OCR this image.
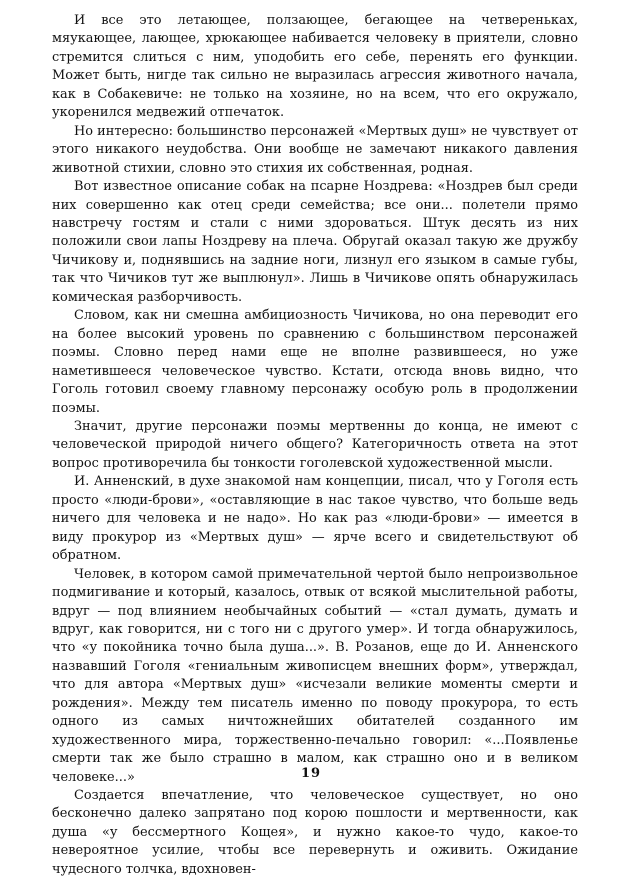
И все это летающее, ползающее, бегающее на четвереньках, мяукающее, лающее, хрюкающее набивается человеку в приятели, словно стремится слиться с ним, уподобить его себе, перенять его функции. Может быть, нигде так сильно не выразилась агрессия животного начала, как в Собакевиче: не только на хозяине, но на всем, что его окружало, укоренился медвежий отпечаток.

Но интересно: большинство персонажей «Мертвых душ» не чувствует от этого никакого неудобства. Они вообще не замечают никакого давления животной стихии, словно это стихия их собственная, родная.

Вот известное описание собак на псарне Ноздрева: «Ноздрев был среди них совершенно как отец среди семейства; все они... полетели прямо навстречу гостям и стали с ними здороваться. Штук десять из них положили свои лапы Ноздреву на плеча. Обругай оказал такую же дружбу Чичикову и, поднявшись на задние ноги, лизнул его языком в самые губы, так что Чичиков тут же выплюнул». Лишь в Чичикове опять обнаружилась комическая разборчивость.

Словом, как ни смешна амбициозность Чичикова, но она переводит его на более высокий уровень по сравнению с большинством персонажей поэмы. Словно перед нами еще не вполне развившееся, но уже наметившееся человеческое чувство. Кстати, отсюда вновь видно, что Гоголь готовил своему главному персонажу особую роль в продолжении поэмы.

Значит, другие персонажи поэмы мертвенны до конца, не имеют с человеческой природой ничего общего? Категоричность ответа на этот вопрос противоречила бы тонкости гоголевской художественной мысли.

И. Анненский, в духе знакомой нам концепции, писал, что у Гоголя есть просто «люди-брови», «оставляющие в нас такое чувство, что больше ведь ничего для человека и не надо». Но как раз «люди-брови» — имеется в виду прокурор из «Мертвых душ» — ярче всего и свидетельствуют об обратном.

Человек, в котором самой примечательной чертой было непроизвольное подмигивание и который, казалось, отвык от всякой мыслительной работы, вдруг — под влиянием необычайных событий — «стал думать, думать и вдруг, как говорится, ни с того ни с другого умер». И тогда обнаружилось, что «у покойника точно была душа...». В. Розанов, еще до И. Анненского назвавший Гоголя «гениальным живописцем внешних форм», утверждал, что для автора «Мертвых душ» «исчезали великие моменты смерти и рождения». Между тем писатель именно по поводу прокурора, то есть одного из самых ничтожнейших обитателей созданного им художественного мира, торжественно-печально говорил: «...Появленье смерти так же было страшно в малом, как страшно оно и в великом человеке...»

Создается впечатление, что человеческое существует, но оно бесконечно далеко запрятано под корою пошлости и мертвенности, как душа «у бессмертного Кощея», и нужно какое-то чудо, какое-то невероятное усилие, чтобы все перевернуть и оживить. Ожидание чудесного толчка, вдохновен-

19
